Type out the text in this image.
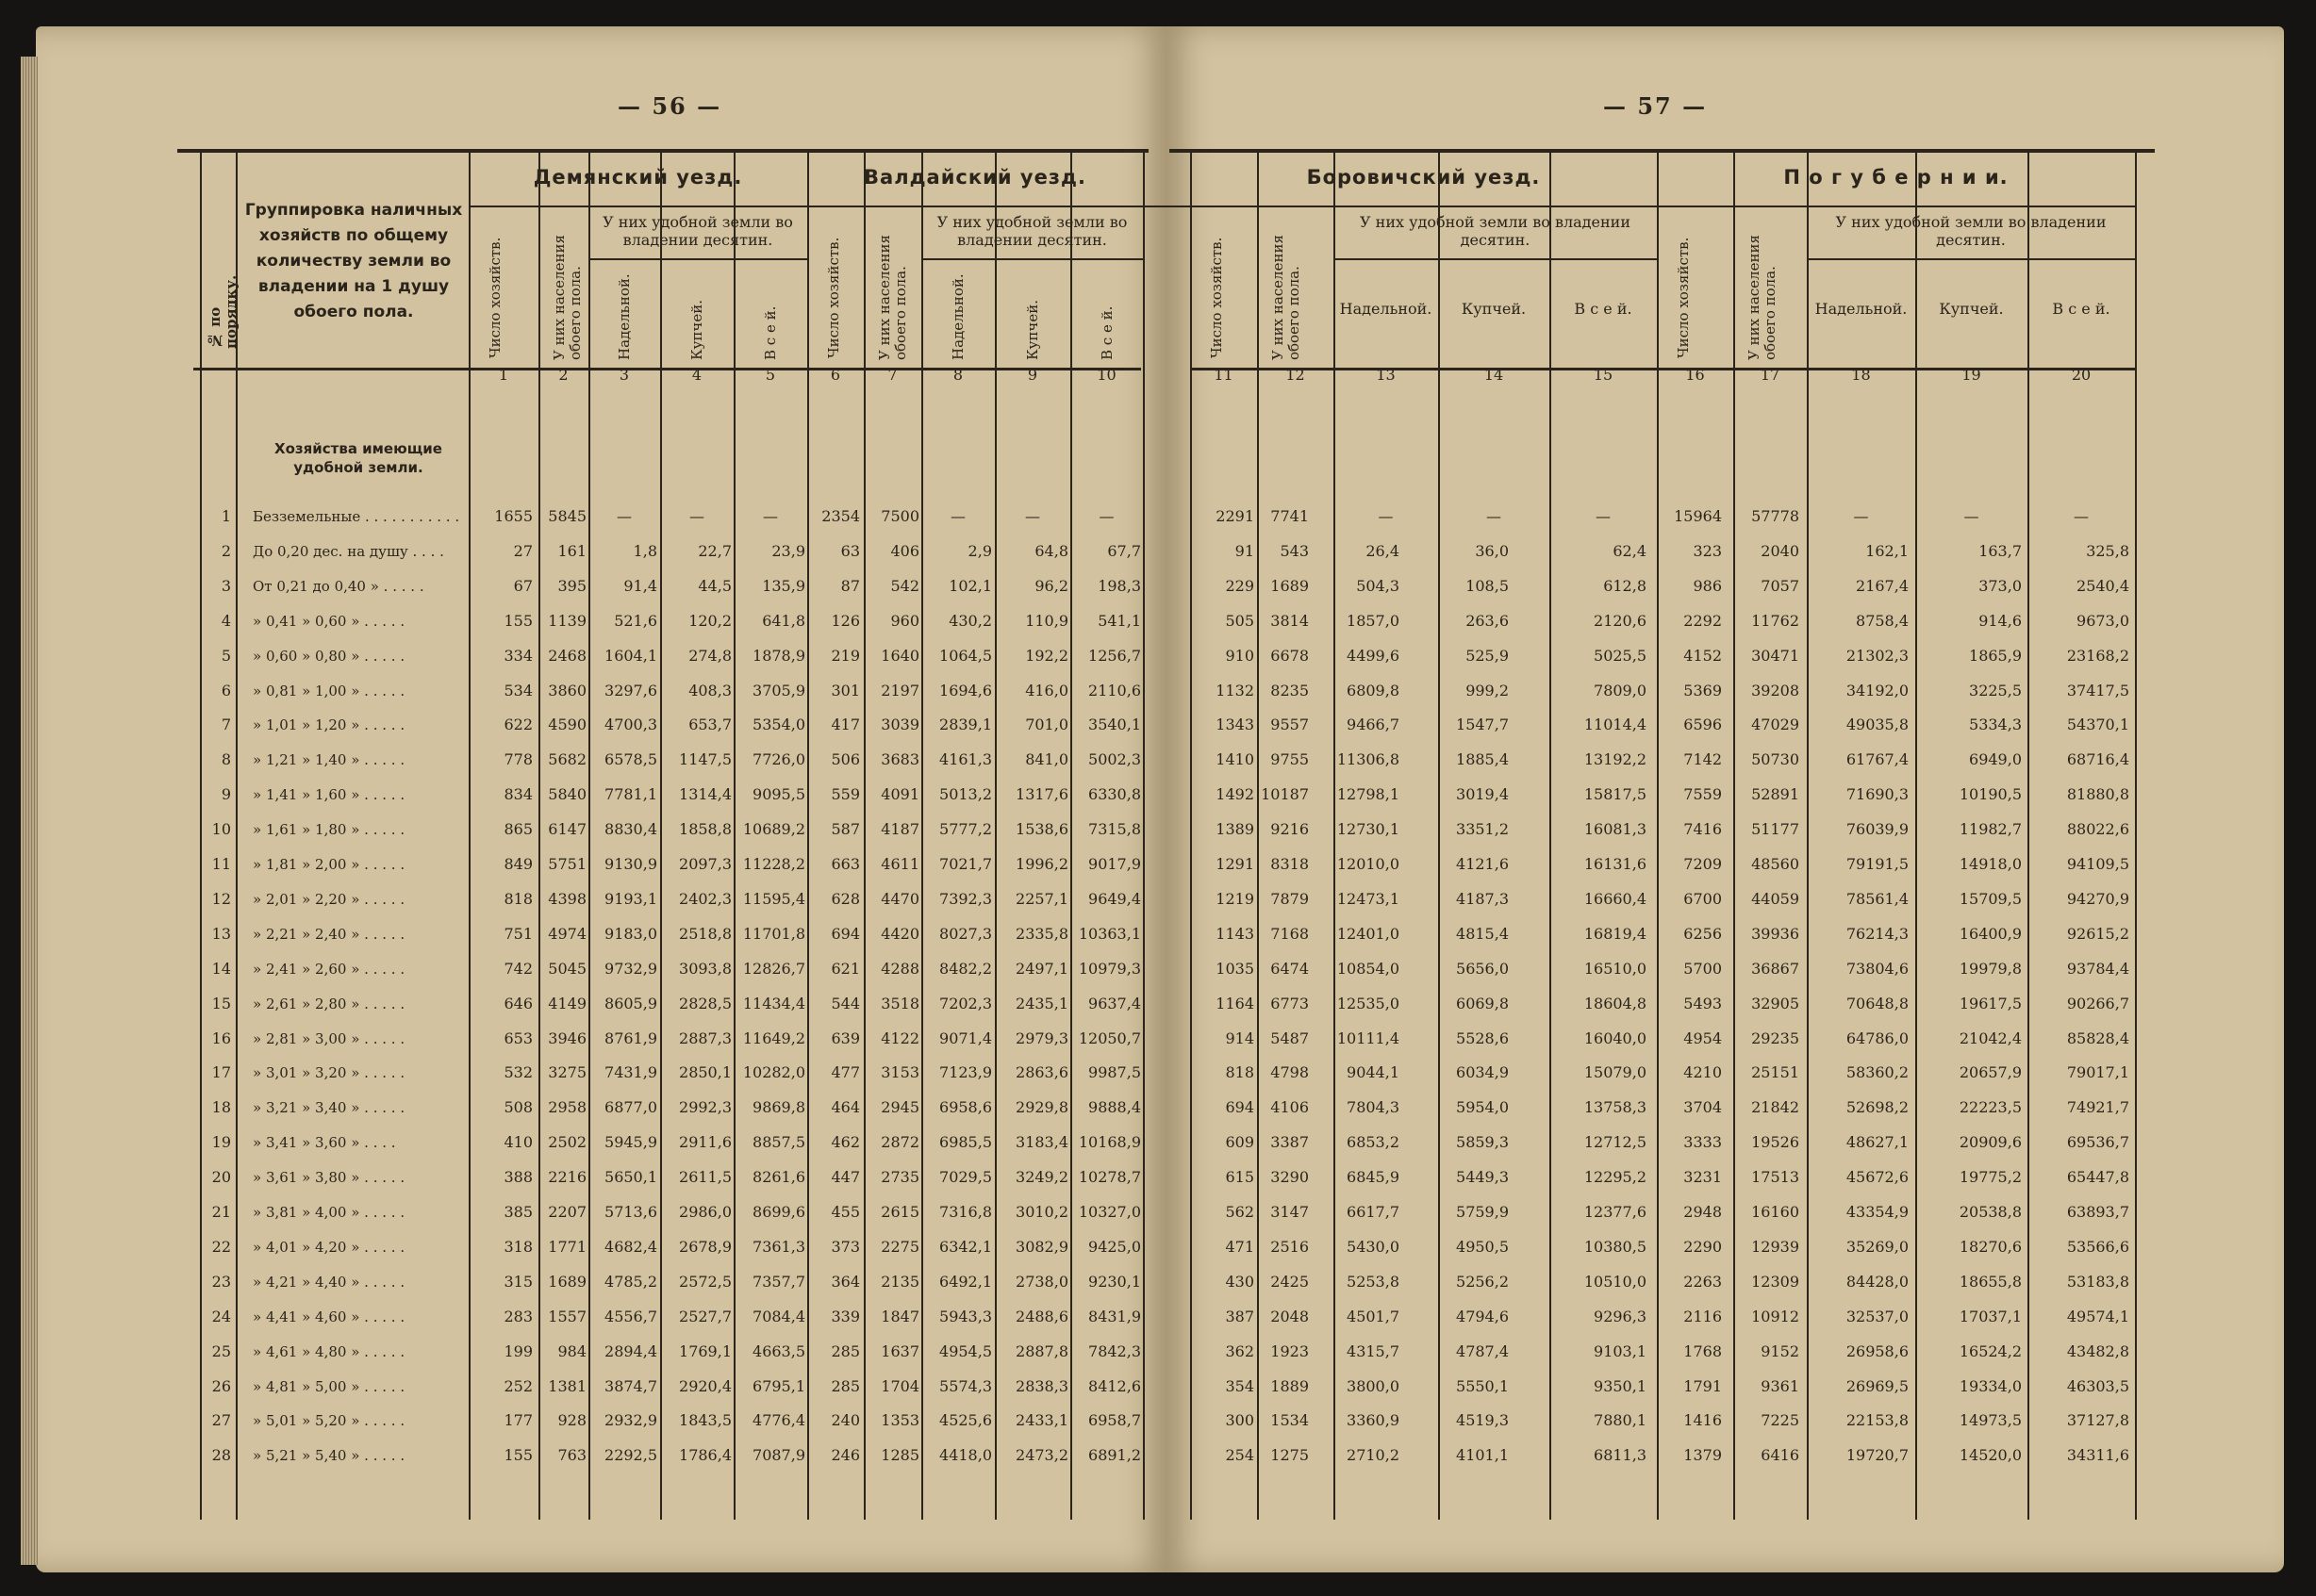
— 56 —	— 57 —
№ по порядку.
Группировка наличных хозяйств по общему количеству земли во владении на 1 душу обоего пола.
Демянский уезд.
Число хозяйств.	У них населения обоего пола.
У них удобной земли во владении десятин.
Надельной.	Купчей.	В с е й.
Валдайский уезд.
Число хозяйств. У них населения обоего пола.
У них удобной земли во владении десятин.
Надельной.	Купчей.	В с е й.
Боровичский уезд.
Число хозяйств.	У них населения обоего пола.
У них удобной земли во владении десятин.
Надельной.	Купчей.	В с е й.
П о г у б е р н и и.
Число хозяйств.	У них населения обоего пола.
У них удобной земли во владении десятин.
Надельной.	Купчей.	В с е й.
1	2	3	4	5	6	7	8	9	10	11	12	13	14	15	16	17	18	19	20
Хозяйства имеющие удобной земли.
1 Безземельные . . . . . . . . . . .	1655	5845	—	—	—	2354	7500	—	—	—	2291	7741	—	—	—	15964	57778	—	—	—
2 До 0,20 дес. на душу . . . .	27	161	1,8	22,7	23,9	63	406	2,9	64,8	67,7	91	543	26,4	36,0	62,4	323	2040	162,1	163,7	325,8
3 От 0,21 до 0,40 » . . . . .	67	395	91,4	44,5	135,9	87	542	102,1	96,2	198,3	229	1689	504,3	108,5	612,8	986	7057	2167,4	373,0	2540,4
4 » 0,41 » 0,60 » . . . . .	155	1139	521,6	120,2	641,8	126	960	430,2	110,9	541,1	505	3814	1857,0	263,6	2120,6	2292	11762	8758,4	914,6	9673,0
5 » 0,60 » 0,80 » . . . . .	334	2468	1604,1	274,8	1878,9	219	1640	1064,5	192,2	1256,7	910	6678	4499,6	525,9	5025,5	4152	30471	21302,3	1865,9	23168,2
6 » 0,81 » 1,00 » . . . . .	534	3860	3297,6	408,3	3705,9	301	2197	1694,6	416,0	2110,6	1132	8235	6809,8	999,2	7809,0	5369	39208	34192,0	3225,5	37417,5
7 » 1,01 » 1,20 » . . . . .	622	4590	4700,3	653,7	5354,0	417	3039	2839,1	701,0	3540,1	1343	9557	9466,7	1547,7	11014,4	6596	47029	49035,8	5334,3	54370,1
8 » 1,21 » 1,40 » . . . . .	778	5682	6578,5	1147,5	7726,0	506	3683	4161,3	841,0	5002,3	1410	9755	11306,8	1885,4	13192,2	7142	50730	61767,4	6949,0	68716,4
9 » 1,41 » 1,60 » . . . . .	834	5840	7781,1	1314,4	9095,5	559	4091	5013,2	1317,6	6330,8	1492 10187	12798,1	3019,4	15817,5	7559	52891	71690,3	10190,5	81880,8
10 » 1,61 » 1,80 » . . . . .	865	6147	8830,4	1858,8 10689,2	587	4187	5777,2	1538,6	7315,8	1389	9216	12730,1	3351,2	16081,3	7416	51177	76039,9	11982,7	88022,6
11 » 1,81 » 2,00 » . . . . .	849	5751	9130,9	2097,3 11228,2	663	4611	7021,7	1996,2	9017,9	1291	8318	12010,0	4121,6	16131,6	7209	48560	79191,5	14918,0	94109,5
12 » 2,01 » 2,20 » . . . . .	818	4398	9193,1	2402,3 11595,4	628	4470	7392,3	2257,1	9649,4	1219	7879	12473,1	4187,3	16660,4	6700	44059	78561,4	15709,5	94270,9
13 » 2,21 » 2,40 » . . . . .	751	4974	9183,0	2518,8 11701,8	694	4420	8027,3	2335,8 10363,1	1143	7168	12401,0	4815,4	16819,4	6256	39936	76214,3	16400,9	92615,2
14 » 2,41 » 2,60 » . . . . .	742	5045	9732,9	3093,8 12826,7	621	4288	8482,2	2497,1 10979,3	1035	6474	10854,0	5656,0	16510,0	5700	36867	73804,6	19979,8	93784,4
15 » 2,61 » 2,80 » . . . . .	646	4149	8605,9	2828,5 11434,4	544	3518	7202,3	2435,1	9637,4	1164	6773	12535,0	6069,8	18604,8	5493	32905	70648,8	19617,5	90266,7
16 » 2,81 » 3,00 » . . . . .	653	3946	8761,9	2887,3 11649,2	639	4122	9071,4	2979,3 12050,7	914	5487	10111,4	5528,6	16040,0	4954	29235	64786,0	21042,4	85828,4
17 » 3,01 » 3,20 » . . . . .	532	3275	7431,9	2850,1 10282,0	477	3153	7123,9	2863,6	9987,5	818	4798	9044,1	6034,9	15079,0	4210	25151	58360,2	20657,9	79017,1
18 » 3,21 » 3,40 » . . . . .	508	2958	6877,0	2992,3	9869,8	464	2945	6958,6	2929,8	9888,4	694	4106	7804,3	5954,0	13758,3	3704	21842	52698,2	22223,5	74921,7
19 » 3,41 » 3,60 » . . . .	410	2502	5945,9	2911,6	8857,5	462	2872	6985,5	3183,4 10168,9	609	3387	6853,2	5859,3	12712,5	3333	19526	48627,1	20909,6	69536,7
20 » 3,61 » 3,80 » . . . . .	388	2216	5650,1	2611,5	8261,6	447	2735	7029,5	3249,2 10278,7	615	3290	6845,9	5449,3	12295,2	3231	17513	45672,6	19775,2	65447,8
21 » 3,81 » 4,00 » . . . . .	385	2207	5713,6	2986,0	8699,6	455	2615	7316,8	3010,2 10327,0	562	3147	6617,7	5759,9	12377,6	2948	16160	43354,9	20538,8	63893,7
22 » 4,01 » 4,20 » . . . . .	318	1771	4682,4	2678,9	7361,3	373	2275	6342,1	3082,9	9425,0	471	2516	5430,0	4950,5	10380,5	2290	12939	35269,0	18270,6	53566,6
23 » 4,21 » 4,40 » . . . . .	315	1689	4785,2	2572,5	7357,7	364	2135	6492,1	2738,0	9230,1	430	2425	5253,8	5256,2	10510,0	2263	12309	84428,0	18655,8	53183,8
24 » 4,41 » 4,60 » . . . . .	283	1557	4556,7	2527,7	7084,4	339	1847	5943,3	2488,6	8431,9	387	2048	4501,7	4794,6	9296,3	2116	10912	32537,0	17037,1	49574,1
25 » 4,61 » 4,80 » . . . . .	199	984	2894,4	1769,1	4663,5	285	1637	4954,5	2887,8	7842,3	362	1923	4315,7	4787,4	9103,1	1768	9152	26958,6	16524,2	43482,8
26 » 4,81 » 5,00 » . . . . .	252	1381	3874,7	2920,4	6795,1	285	1704	5574,3	2838,3	8412,6	354	1889	3800,0	5550,1	9350,1	1791	9361	26969,5	19334,0	46303,5
27 » 5,01 » 5,20 » . . . . .	177	928	2932,9	1843,5	4776,4	240	1353	4525,6	2433,1	6958,7	300	1534	3360,9	4519,3	7880,1	1416	7225	22153,8	14973,5	37127,8
28 » 5,21 » 5,40 » . . . . .	155	763	2292,5	1786,4	7087,9	246	1285	4418,0	2473,2	6891,2	254	1275	2710,2	4101,1	6811,3	1379	6416	19720,7	14520,0	34311,6
